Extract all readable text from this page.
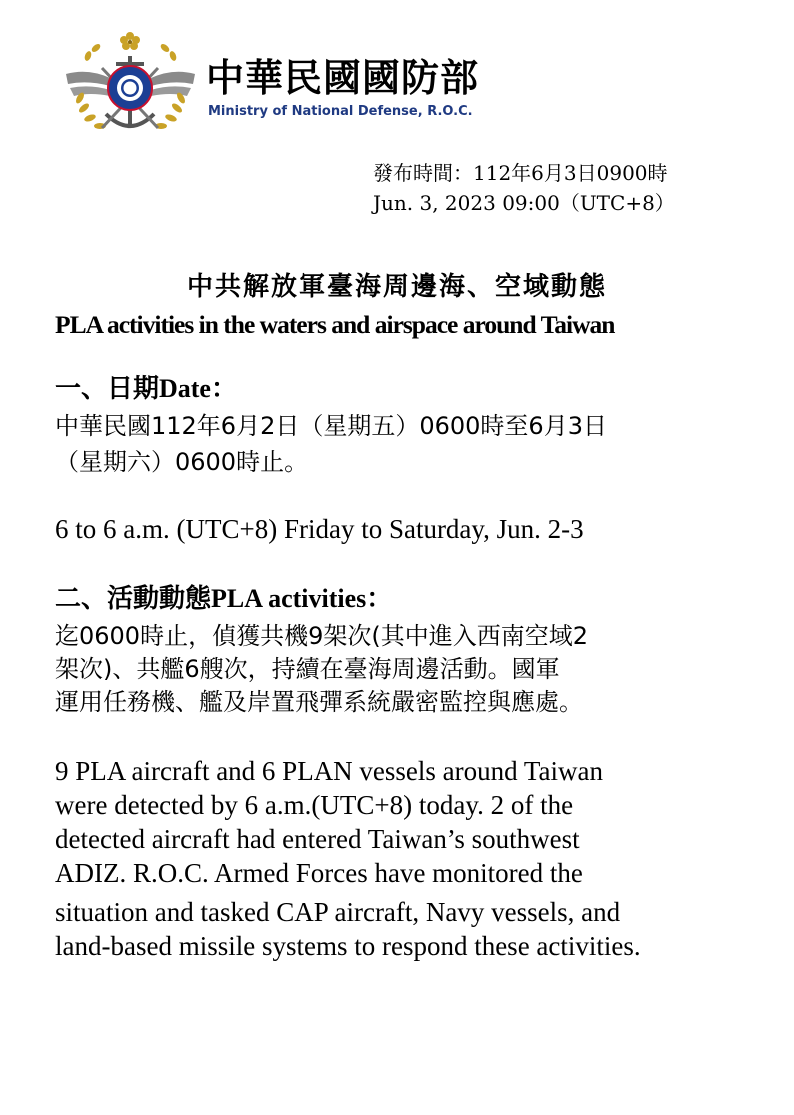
中華民國國防部
Ministry of National Defense, R.O.C.
發布時間：112年6月3日0900時
Jun. 3, 2023 09:00（UTC+8）
中共解放軍臺海周邊海、空域動態
PLA activities in the waters and airspace around Taiwan
一、日期Date：
中華民國112年6月2日（星期五）0600時至6月3日
（星期六）0600時止。
6 to 6 a.m. (UTC+8) Friday to Saturday, Jun. 2-3
二、活動動態PLA activities：
迄0600時止，偵獲共機9架次(其中進入西南空域2
架次)、共艦6艘次，持續在臺海周邊活動。國軍
運用任務機、艦及岸置飛彈系統嚴密監控與應處。
9 PLA aircraft and 6 PLAN vessels around Taiwan
were detected by 6 a.m.(UTC+8) today. 2 of the
detected aircraft had entered Taiwan’s southwest
ADIZ. R.O.C. Armed Forces have monitored the
situation and tasked CAP aircraft, Navy vessels, and
land-based missile systems to respond these activities.
